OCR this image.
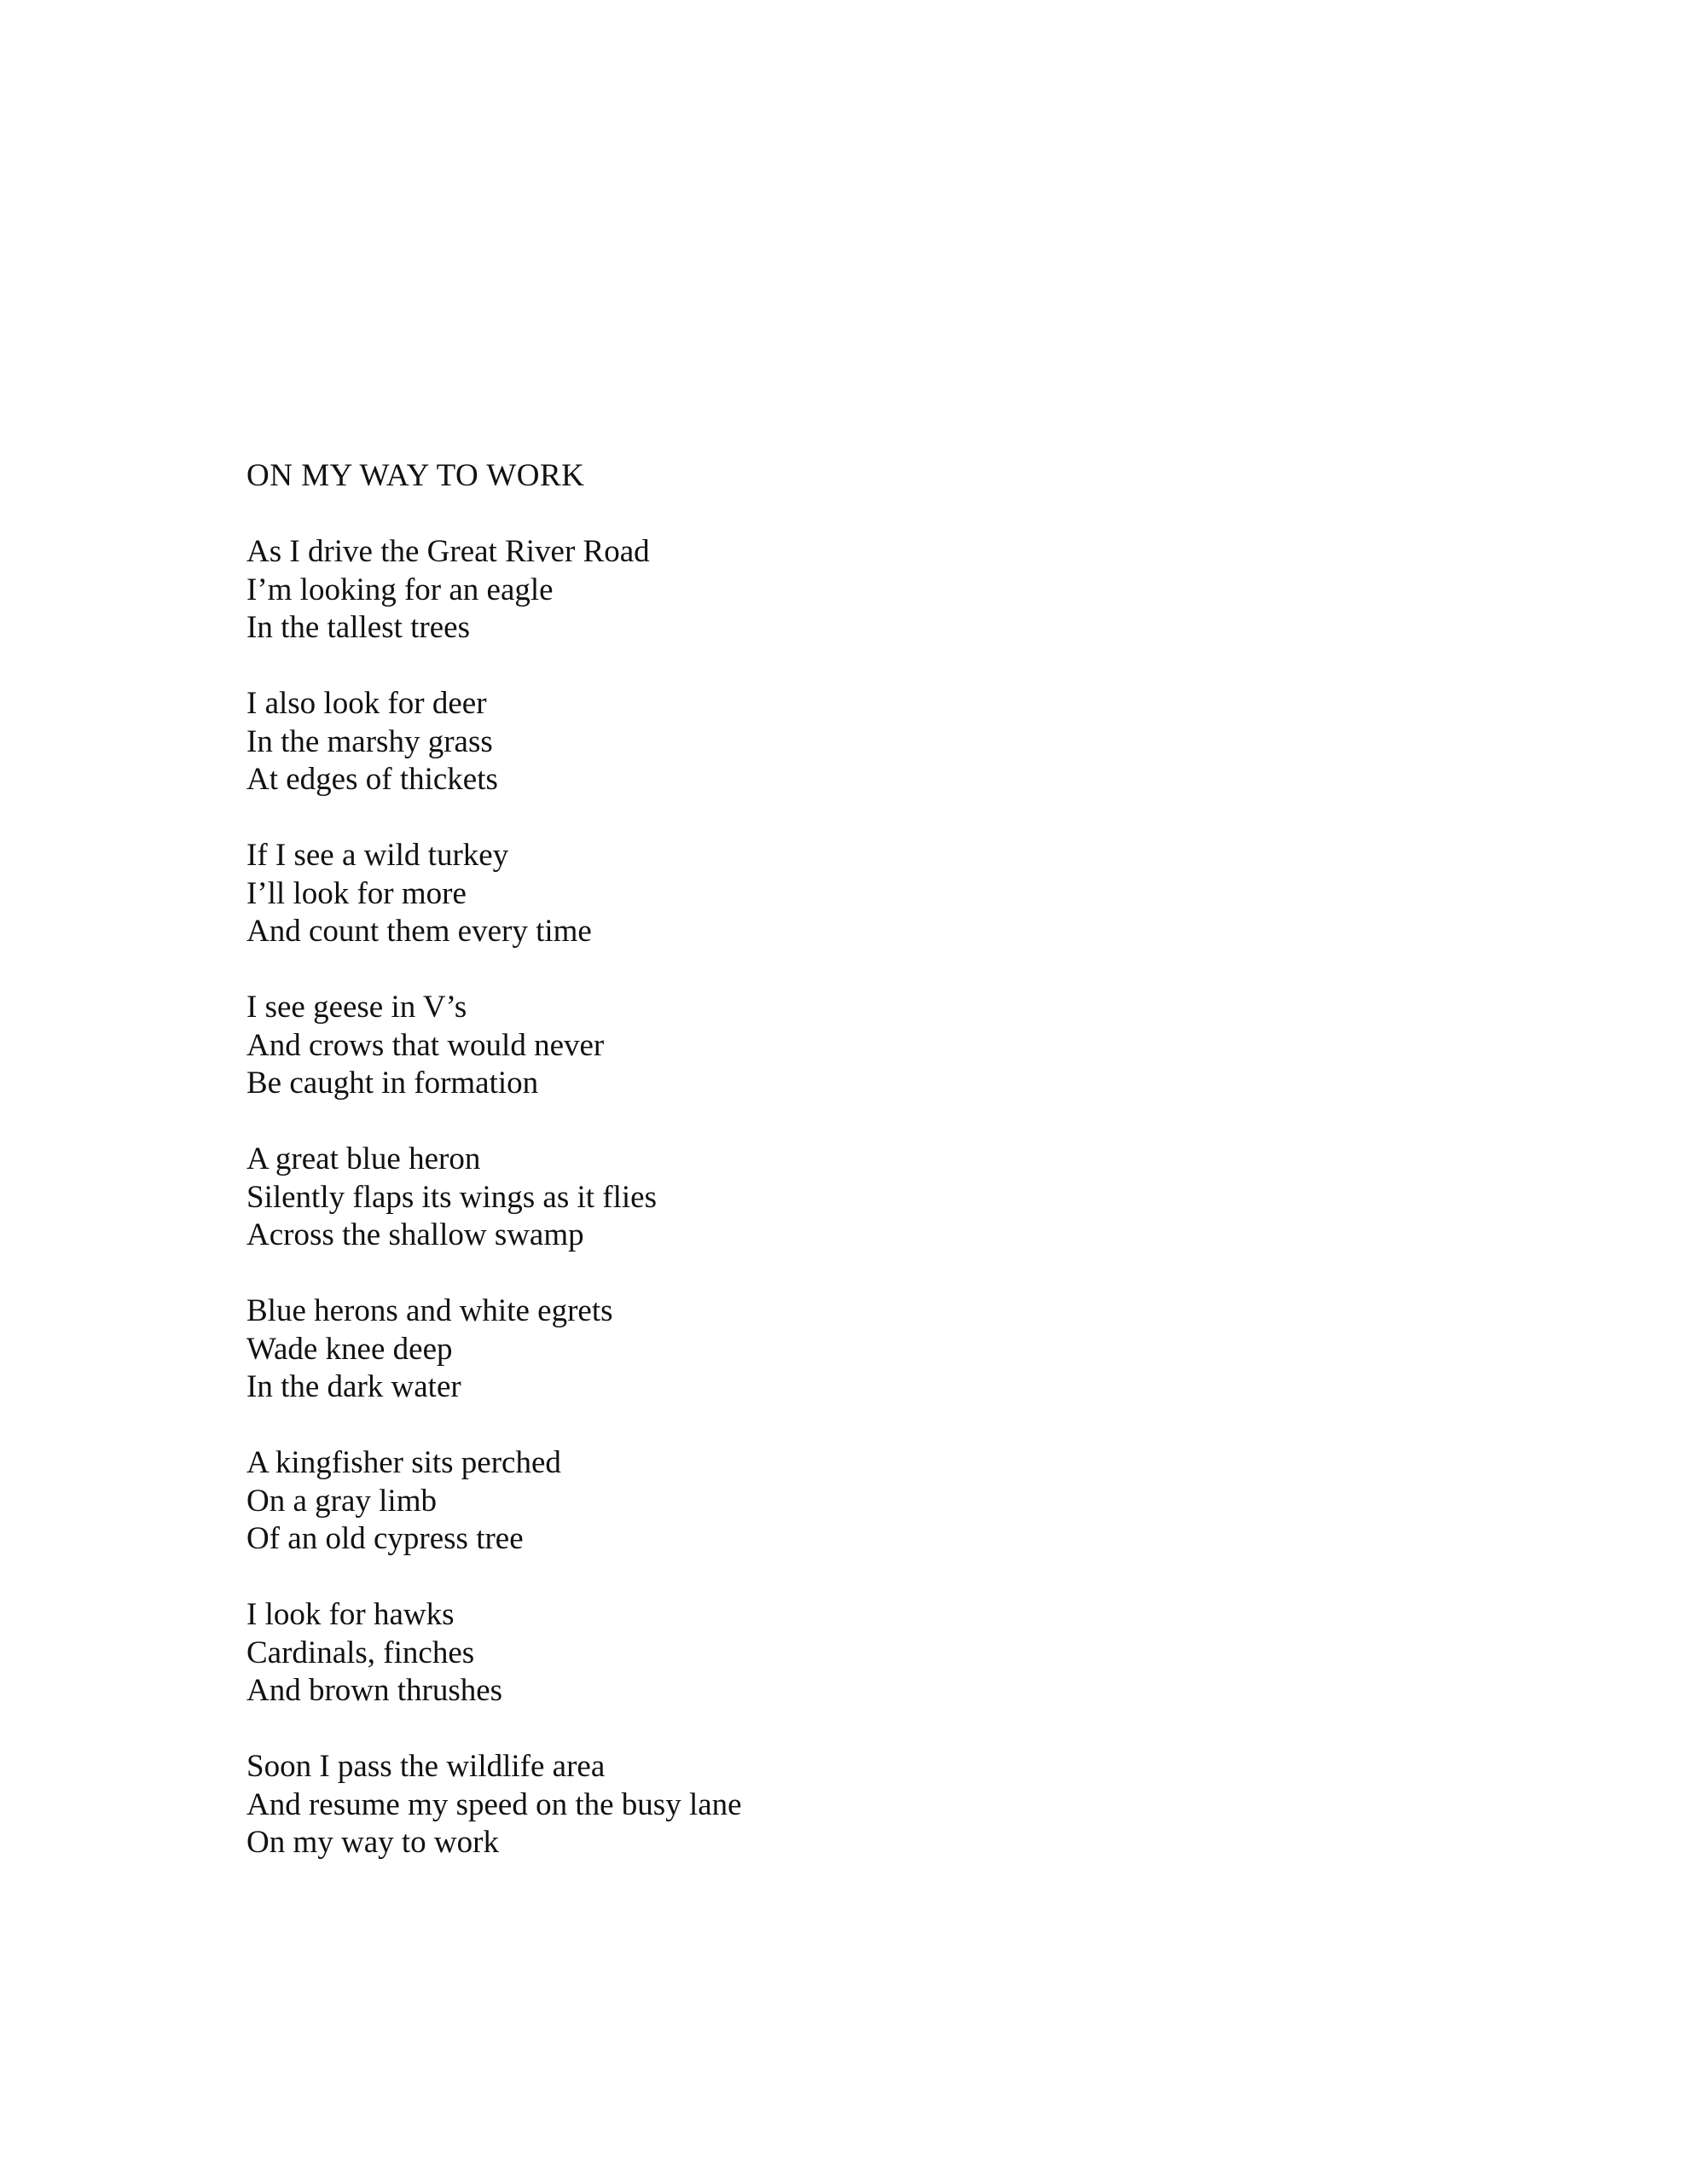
ON MY WAY TO WORK
As I drive the Great River Road
I’m looking for an eagle
In the tallest trees
I also look for deer
In the marshy grass
At edges of thickets
If I see a wild turkey
I’ll look for more
And count them every time
I see geese in V’s
And crows that would never
Be caught in formation
A great blue heron
Silently flaps its wings as it flies
Across the shallow swamp
Blue herons and white egrets
Wade knee deep
In the dark water
A kingfisher sits perched
On a gray limb
Of an old cypress tree
I look for hawks
Cardinals, finches
And brown thrushes
Soon I pass the wildlife area
And resume my speed on the busy lane
On my way to work
